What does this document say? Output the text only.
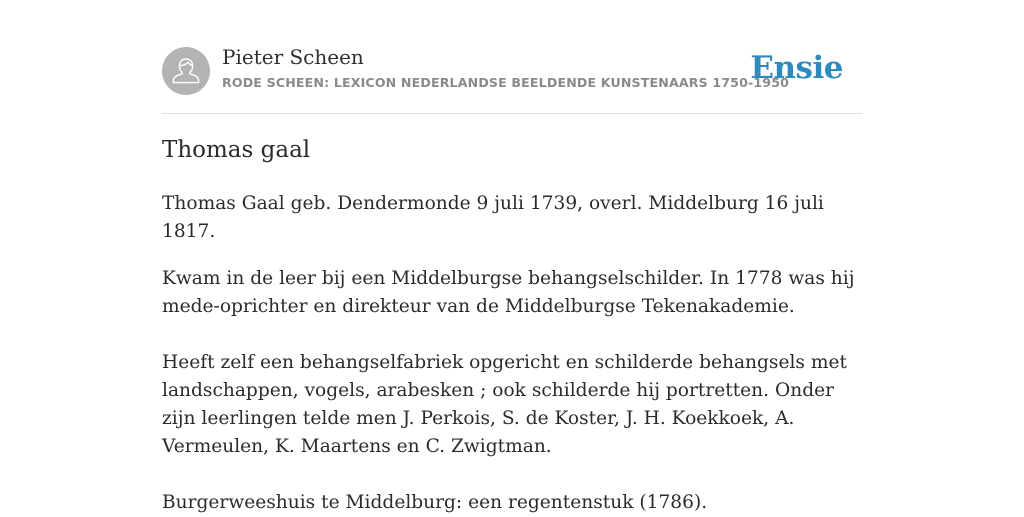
Pieter Scheen
RODE SCHEEN: LEXICON NEDERLANDSE BEELDENDE KUNSTENAARS 1750-1950
Ensie
Thomas gaal

Thomas Gaal geb. Dendermonde 9 juli 1739, overl. Middelburg 16 juli 1817.

Kwam in de leer bij een Middelburgse behangselschilder. In 1778 was hij mede-oprichter en direkteur van de Middelburgse Tekenakademie.

Heeft zelf een behangselfabriek opgericht en schilderde behangsels met landschappen, vogels, arabesken ; ook schilderde hij portretten. Onder zijn leerlingen telde men J. Perkois, S. de Koster, J. H. Koekkoek, A. Vermeulen, K. Maartens en C. Zwigtman.

Burgerweeshuis te Middelburg: een regentenstuk (1786).
